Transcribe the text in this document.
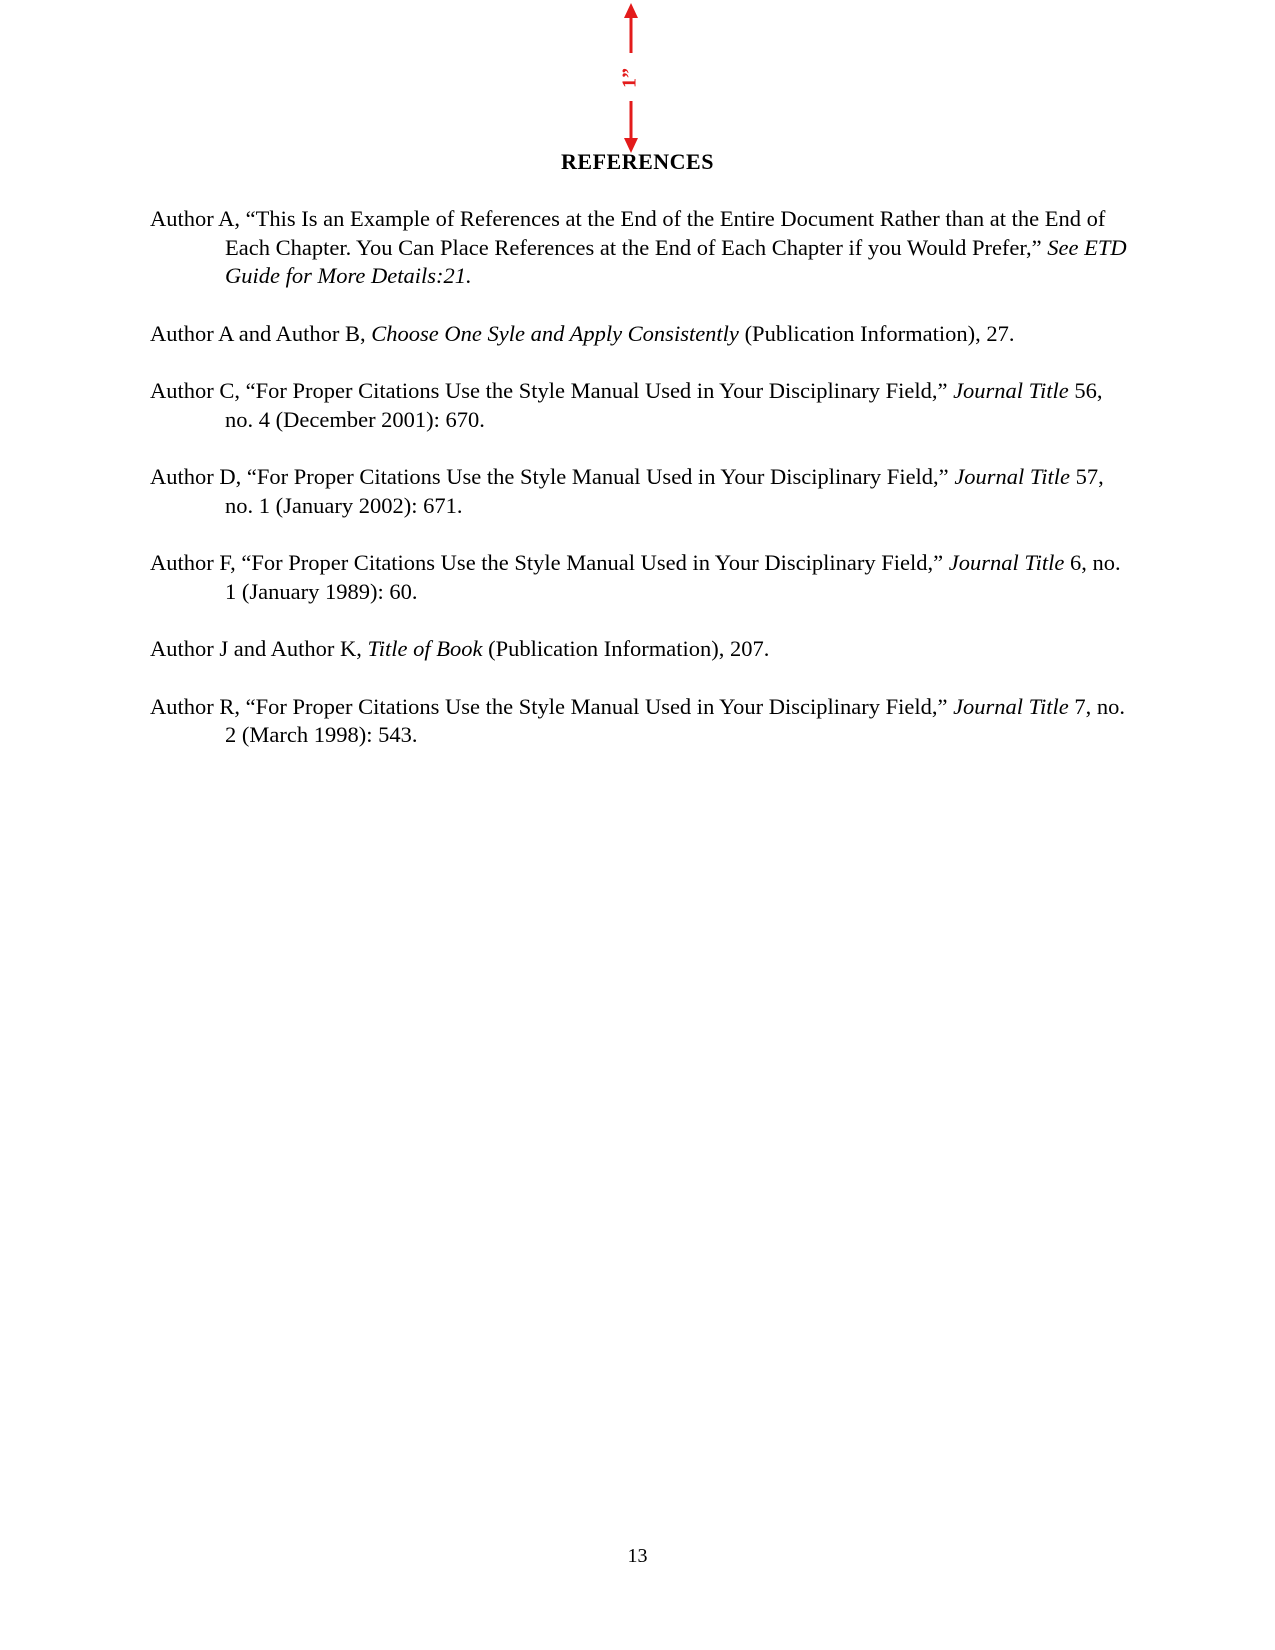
1”
REFERENCES
Author A, “This Is an Example of References at the End of the Entire Document Rather than at the End of Each Chapter. You Can Place References at the End of Each Chapter if you Would Prefer,” See ETD Guide for More Details:21.
Author A and Author B, Choose One Syle and Apply Consistently (Publication Information), 27.
Author C, “For Proper Citations Use the Style Manual Used in Your Disciplinary Field,” Journal Title 56, no. 4 (December 2001): 670.
Author D, “For Proper Citations Use the Style Manual Used in Your Disciplinary Field,” Journal Title 57, no. 1 (January 2002): 671.
Author F, “For Proper Citations Use the Style Manual Used in Your Disciplinary Field,” Journal Title 6, no. 1 (January 1989): 60.
Author J and Author K, Title of Book (Publication Information), 207.
Author R, “For Proper Citations Use the Style Manual Used in Your Disciplinary Field,” Journal Title 7, no. 2 (March 1998): 543.
13
